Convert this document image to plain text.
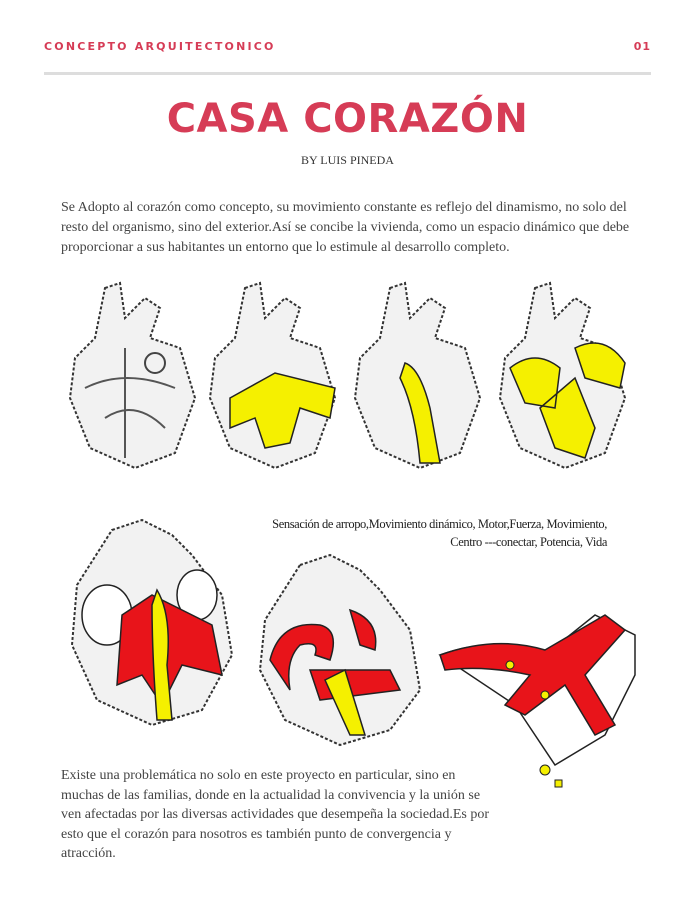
CONCEPTO ARQUITECTONICO	01
CASA CORAZÓN
BY LUIS PINEDA
Se Adopto al corazón como concepto, su movimiento constante es reflejo del dinamismo, no solo del resto del organismo, sino del exterior.Así se concibe la vivienda, como un espacio dinámico que debe proporcionar a sus habitantes un entorno que lo estimule al desarrollo completo.
Sensación de arropo,Movimiento dinámico, Motor,Fuerza, Movimiento,
Centro ---conectar, Potencia, Vida
Existe una problemática no solo en este proyecto en particular, sino en muchas de las familias, donde en la actualidad la convivencia y la unión se ven afectadas por las diversas actividades que desempeña la sociedad.Es por esto que el corazón para nosotros es también punto de convergencia y atracción.
